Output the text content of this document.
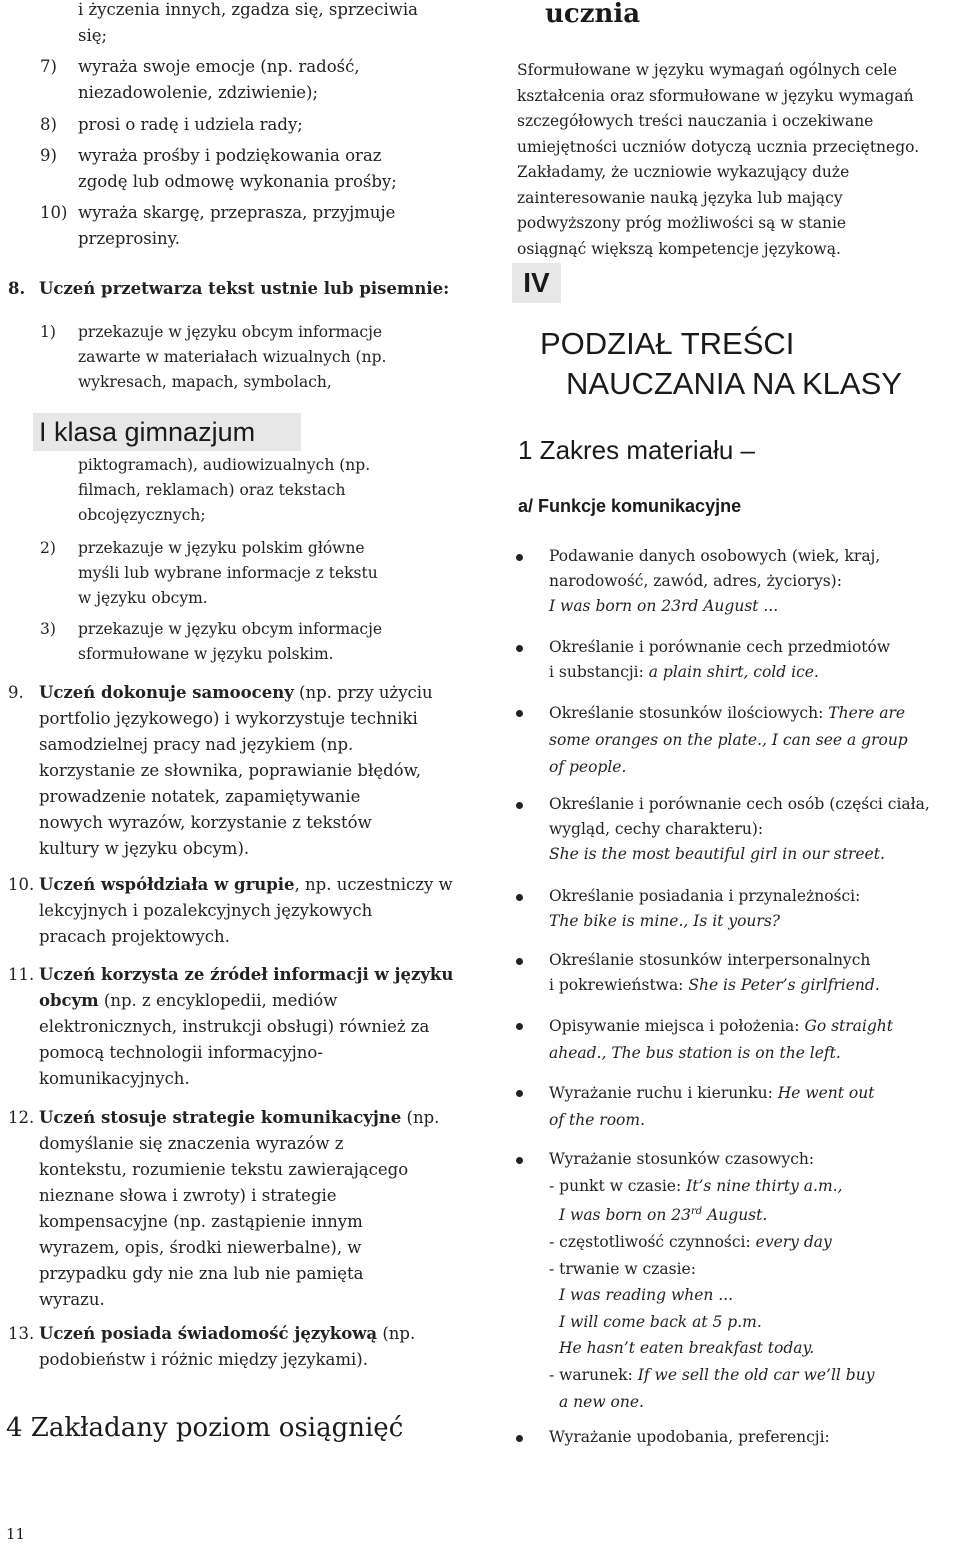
i życzenia innych, zgadza się, sprzeciwia
się;
7) wyraża swoje emocje (np. radość,
niezadowolenie, zdziwienie);
8) prosi o radę i udziela rady;
9) wyraża prośby i podziękowania oraz
zgodę lub odmowę wykonania prośby;
10) wyraża skargę, przeprasza, przyjmuje
przeprosiny.
8. Uczeń przetwarza tekst ustnie lub pisemnie:
1) przekazuje w języku obcym informacje
zawarte w materiałach wizualnych (np.
wykresach, mapach, symbolach,
I klasa gimnazjum
piktogramach), audiowizualnych (np.
filmach, reklamach) oraz tekstach
obcojęzycznych;
2) przekazuje w języku polskim główne
myśli lub wybrane informacje z tekstu
w języku obcym.
3) przekazuje w języku obcym informacje
sformułowane w języku polskim.
9. Uczeń dokonuje samooceny (np. przy użyciu
portfolio językowego) i wykorzystuje techniki
samodzielnej pracy nad językiem (np.
korzystanie ze słownika, poprawianie błędów,
prowadzenie notatek, zapamiętywanie
nowych wyrazów, korzystanie z tekstów
kultury w języku obcym).
10. Uczeń współdziała w grupie, np. uczestniczy w
lekcyjnych i pozalekcyjnych językowych
pracach projektowych.
11. Uczeń korzysta ze źródeł informacji w języku
obcym (np. z encyklopedii, mediów
elektronicznych, instrukcji obsługi) również za
pomocą technologii informacyjno-
komunikacyjnych.
12. Uczeń stosuje strategie komunikacyjne (np.
domyślanie się znaczenia wyrazów z
kontekstu, rozumienie tekstu zawierającego
nieznane słowa i zwroty) i strategie
kompensacyjne (np. zastąpienie innym
wyrazem, opis, środki niewerbalne), w
przypadku gdy nie zna lub nie pamięta
wyrazu.
13. Uczeń posiada świadomość językową (np.
podobieństw i różnic między językami).
4 Zakładany poziom osiągnięć
11
ucznia
Sformułowane w języku wymagań ogólnych cele
kształcenia oraz sformułowane w języku wymagań
szczegółowych treści nauczania i oczekiwane
umiejętności uczniów dotyczą ucznia przeciętnego.
Zakładamy, że uczniowie wykazujący duże
zainteresowanie nauką języka lub mający
podwyższony próg możliwości są w stanie
osiągnąć większą kompetencje językową.
IV
PODZIAŁ TREŚCI
NAUCZANIA NA KLASY
1 Zakres materiału –
a/ Funkcje komunikacyjne
Podawanie danych osobowych (wiek, kraj,
narodowość, zawód, adres, życiorys):
I was born on 23rd August ...
Określanie i porównanie cech przedmiotów
i substancji: a plain shirt, cold ice.
Określanie stosunków ilościowych: There are
some oranges on the plate., I can see a group
of people.
Określanie i porównanie cech osób (części ciała,
wygląd, cechy charakteru):
She is the most beautiful girl in our street.
Określanie posiadania i przynależności:
The bike is mine., Is it yours?
Określanie stosunków interpersonalnych
i pokrewieństwa: She is Peter’s girlfriend.
Opisywanie miejsca i położenia: Go straight
ahead., The bus station is on the left.
Wyrażanie ruchu i kierunku: He went out
of the room.
Wyrażanie stosunków czasowych:
- punkt w czasie: It’s nine thirty a.m.,
I was born on 23rd August.
- częstotliwość czynności: every day
- trwanie w czasie:
I was reading when ...
I will come back at 5 p.m.
He hasn’t eaten breakfast today.
- warunek: If we sell the old car we’ll buy
a new one.
Wyrażanie upodobania, preferencji:
